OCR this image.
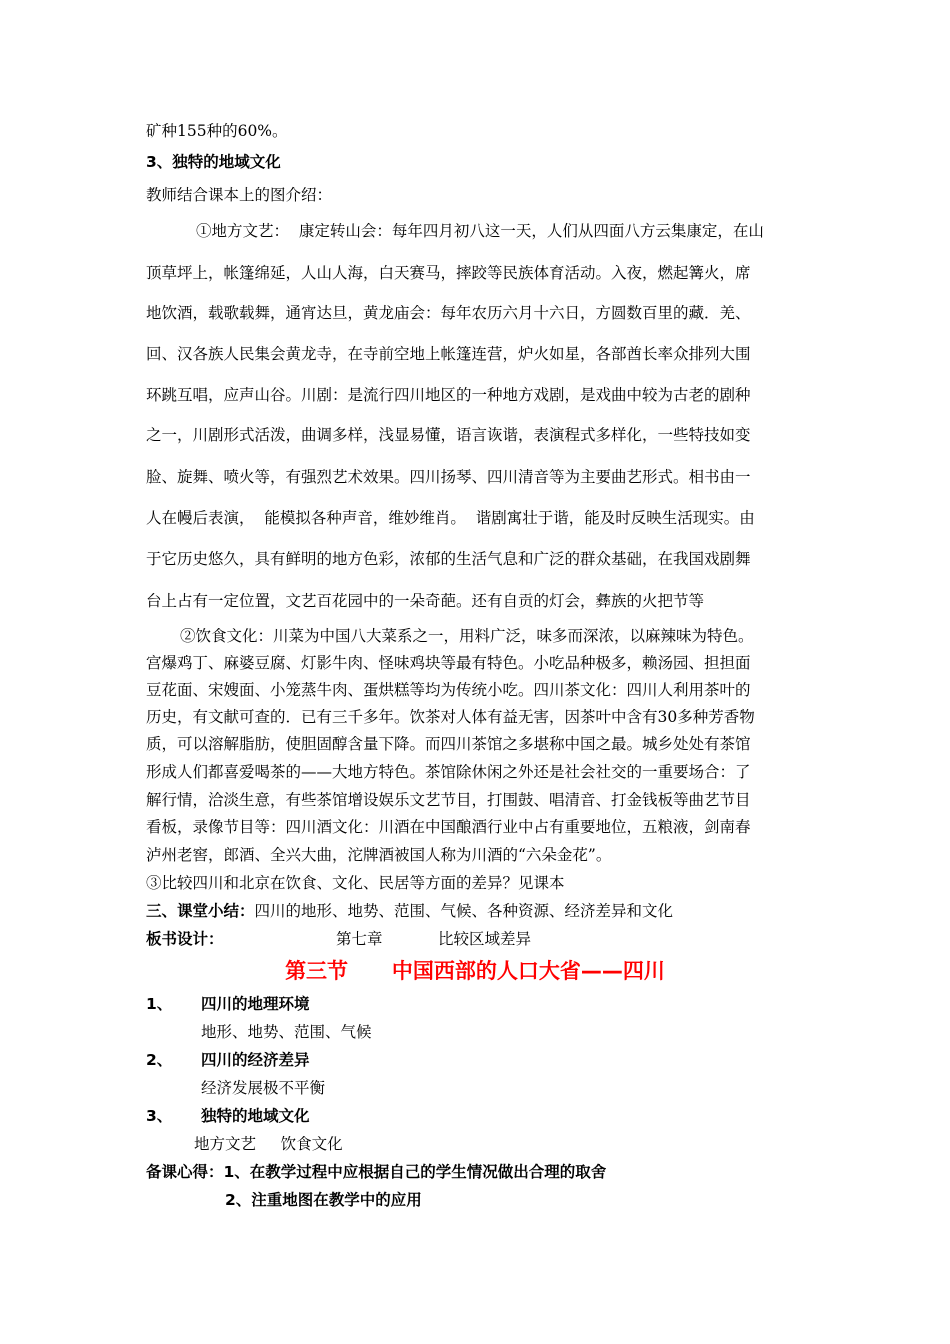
矿种155种的60%。
3、独特的地域文化
教师结合课本上的图介绍：
①地方文艺：  康定转山会：每年四月初八这一天，人们从四面八方云集康定，在山
顶草坪上，帐篷绵延，人山人海，白天赛马，摔跤等民族体育活动。入夜，燃起篝火，席
地饮酒，载歌载舞，通宵达旦，黄龙庙会：每年农历六月十六日，方圆数百里的藏．羌、
回、汉各族人民集会黄龙寺，在寺前空地上帐篷连营，炉火如星，各部酋长率众排列大围
环跳互唱，应声山谷。川剧：是流行四川地区的一种地方戏剧，是戏曲中较为古老的剧种
之一，川剧形式活泼，曲调多样，浅显易懂，语言诙谐，表演程式多样化，一些特技如变
脸、旋舞、喷火等，有强烈艺术效果。四川扬琴、四川清音等为主要曲艺形式。相书由一
人在幔后表演，  能模拟各种声音，维妙维肖。  谐剧寓壮于谐，能及时反映生活现实。由
于它历史悠久，具有鲜明的地方色彩，浓郁的生活气息和广泛的群众基础，在我国戏剧舞
台上占有一定位置，文艺百花园中的一朵奇葩。还有自贡的灯会，彝族的火把节等
②饮食文化：川菜为中国八大菜系之一，用料广泛，味多而深浓，以麻辣味为特色。
宫爆鸡丁、麻婆豆腐、灯影牛肉、怪味鸡块等最有特色。小吃品种极多，赖汤园、担担面
豆花面、宋嫂面、小笼蒸牛肉、蛋烘糕等均为传统小吃。四川茶文化：四川人利用茶叶的
历史，有文献可查的．已有三千多年。饮茶对人体有益无害，因茶叶中含有30多种芳香物
质，可以溶解脂肪，使胆固醇含量下降。而四川茶馆之多堪称中国之最。城乡处处有茶馆
形成人们都喜爱喝茶的——大地方特色。茶馆除休闲之外还是社会社交的一重要场合：了
解行情，洽淡生意，有些茶馆增设娱乐文艺节目，打围鼓、唱清音、打金钱板等曲艺节目
看板，录像节目等：四川酒文化：川酒在中国酿酒行业中占有重要地位，五粮液，剑南春
泸州老窖，郎酒、全兴大曲，沱牌酒被国人称为川酒的“六朵金花”。
③比较四川和北京在饮食、文化、民居等方面的差异？见课本
三、课堂小结：四川的地形、地势、范围、气候、各种资源、经济差异和文化
板书设计：	第七章	比较区域差异
第三节      中国西部的人口大省——四川
1、 四川的地理环境
地形、地势、范围、气候
2、 四川的经济差异
经济发展极不平衡
3、 独特的地域文化
地方文艺     饮食文化
备课心得：1、在教学过程中应根据自己的学生情况做出合理的取舍
2、注重地图在教学中的应用
